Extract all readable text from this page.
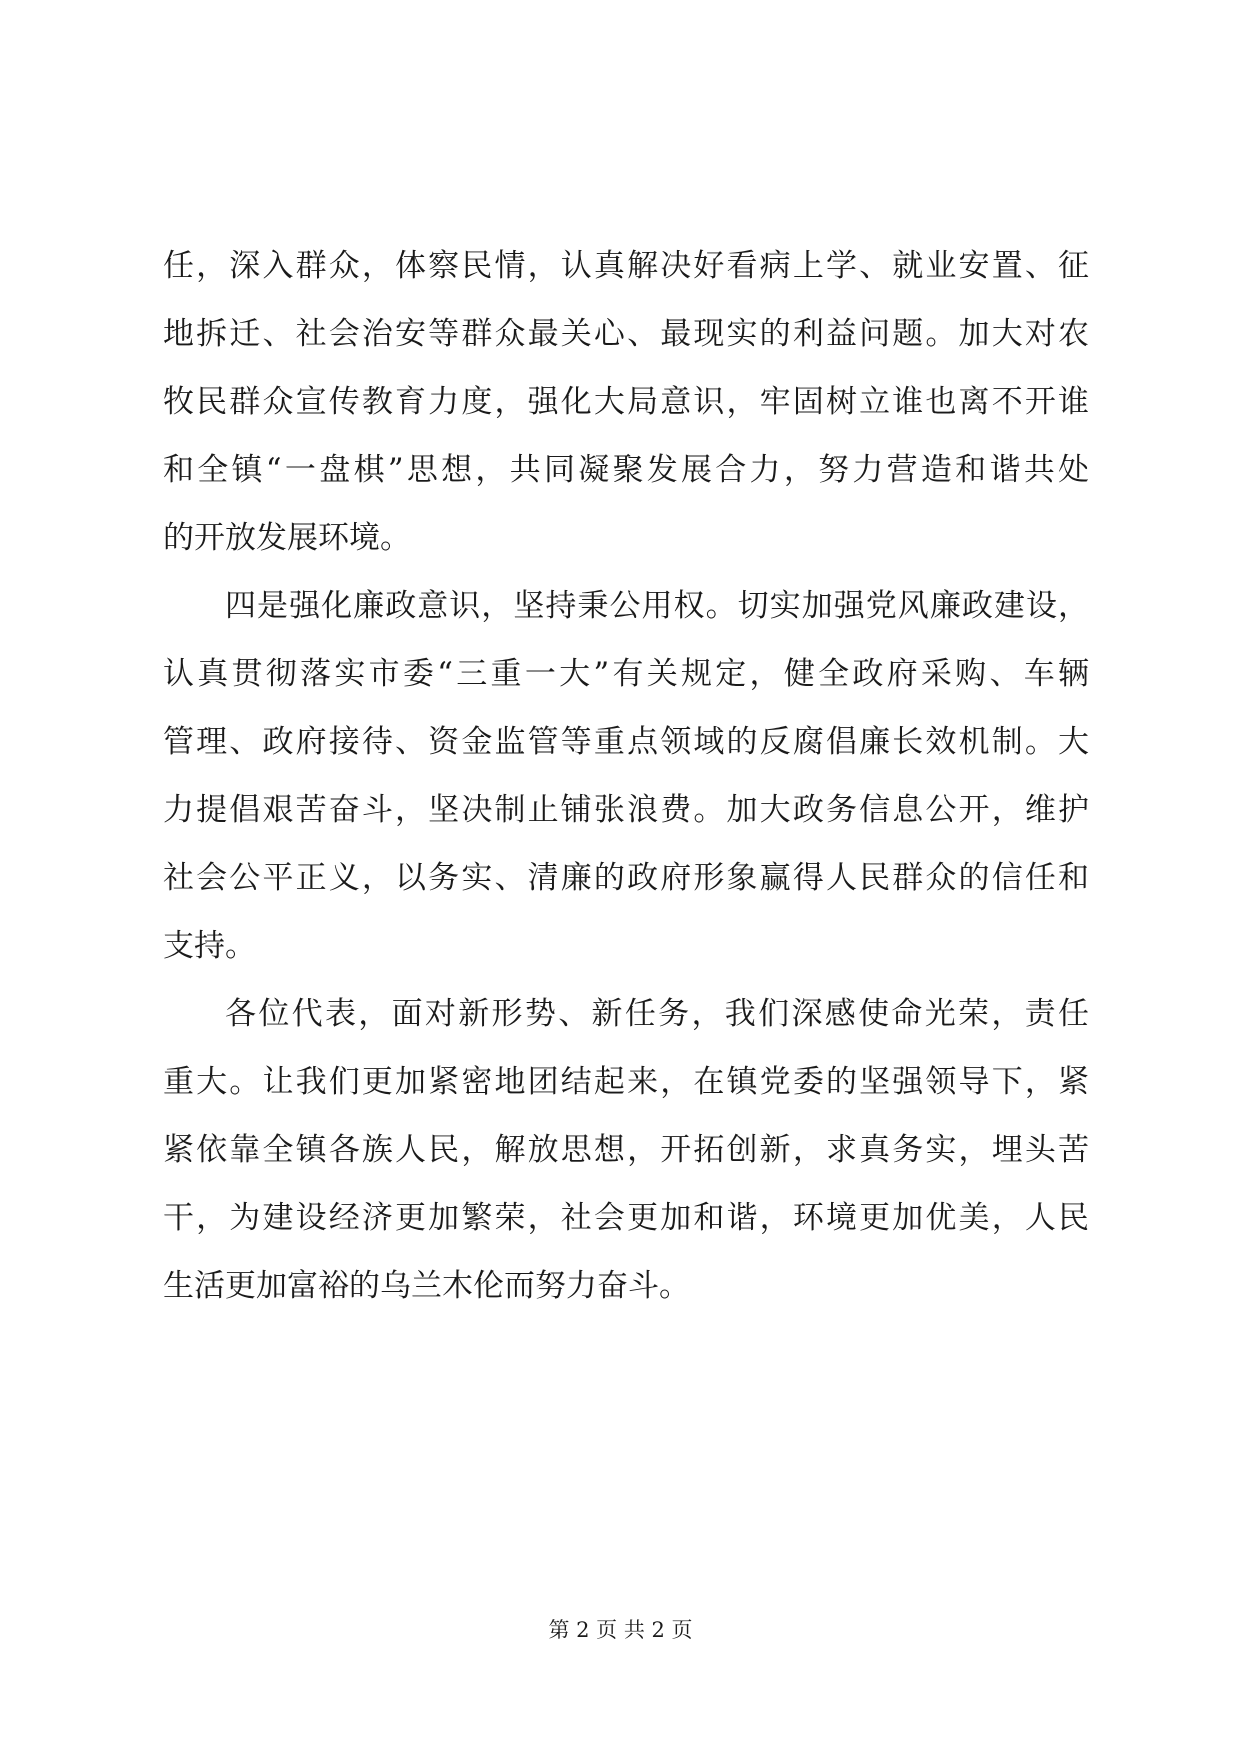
任，深入群众，体察民情，认真解决好看病上学、就业安置、征
地拆迁、社会治安等群众最关心、最现实的利益问题。加大对农
牧民群众宣传教育力度，强化大局意识，牢固树立谁也离不开谁
和全镇“一盘棋”思想，共同凝聚发展合力，努力营造和谐共处
的开放发展环境。
四是强化廉政意识，坚持秉公用权。切实加强党风廉政建设，
认真贯彻落实市委“三重一大”有关规定，健全政府采购、车辆
管理、政府接待、资金监管等重点领域的反腐倡廉长效机制。大
力提倡艰苦奋斗，坚决制止铺张浪费。加大政务信息公开，维护
社会公平正义，以务实、清廉的政府形象赢得人民群众的信任和
支持。
各位代表，面对新形势、新任务，我们深感使命光荣，责任
重大。让我们更加紧密地团结起来，在镇党委的坚强领导下，紧
紧依靠全镇各族人民，解放思想，开拓创新，求真务实，埋头苦
干，为建设经济更加繁荣，社会更加和谐，环境更加优美，人民
生活更加富裕的乌兰木伦而努力奋斗。
第 2 页 共 2 页
